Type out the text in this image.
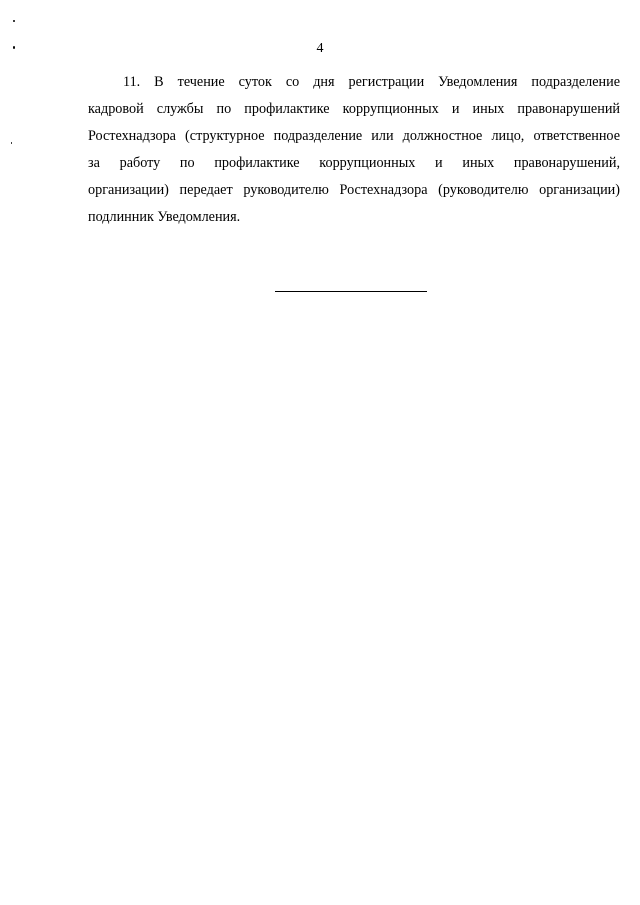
4

11. В течение суток со дня регистрации Уведомления подразделение
кадровой службы по профилактике коррупционных и иных правонарушений
Ростехнадзора (структурное подразделение или должностное лицо, ответственное
за работу по профилактике коррупционных и иных правонарушений,
организации) передает руководителю Ростехнадзора (руководителю организации)
подлинник Уведомления.
